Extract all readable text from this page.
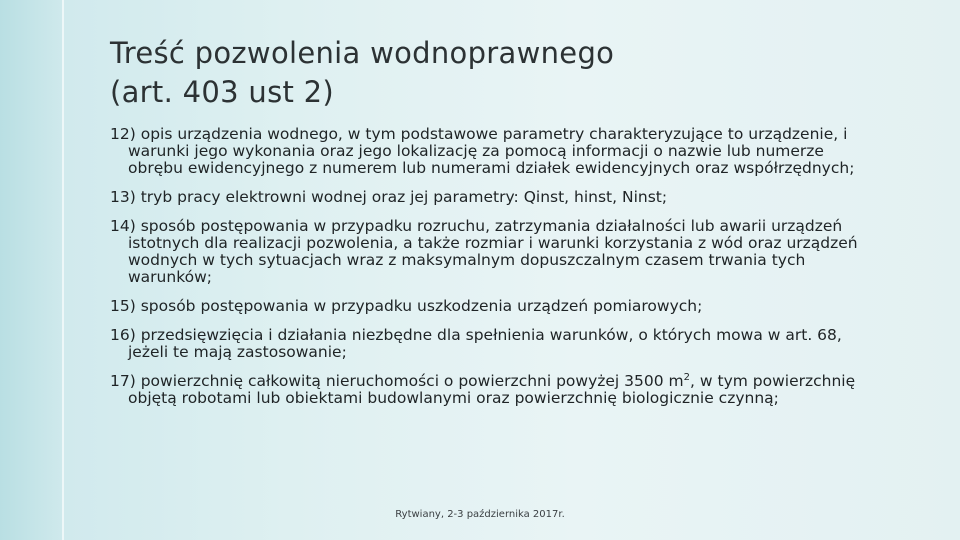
Treść pozwolenia wodnoprawnego
(art. 403 ust 2)
12) opis urządzenia wodnego, w tym podstawowe parametry charakteryzujące to urządzenie, i warunki jego wykonania oraz jego lokalizację za pomocą informacji o nazwie lub numerze obrębu ewidencyjnego z numerem lub numerami działek ewidencyjnych oraz współrzędnych;
13) tryb pracy elektrowni wodnej oraz jej parametry: Qinst, hinst, Ninst;
14) sposób postępowania w przypadku rozruchu, zatrzymania działalności lub awarii urządzeń istotnych dla realizacji pozwolenia, a także rozmiar i warunki korzystania z wód oraz urządzeń wodnych w tych sytuacjach wraz z maksymalnym dopuszczalnym czasem trwania tych warunków;
15) sposób postępowania w przypadku uszkodzenia urządzeń pomiarowych;
16) przedsięwzięcia i działania niezbędne dla spełnienia warunków, o których mowa w art. 68, jeżeli te mają zastosowanie;
17) powierzchnię całkowitą nieruchomości o powierzchni powyżej 3500 $m^2$, w tym powierzchnię objętą robotami lub obiektami budowlanymi oraz powierzchnię biologicznie czynną;
Rytwiany, 2-3 października 2017r.
